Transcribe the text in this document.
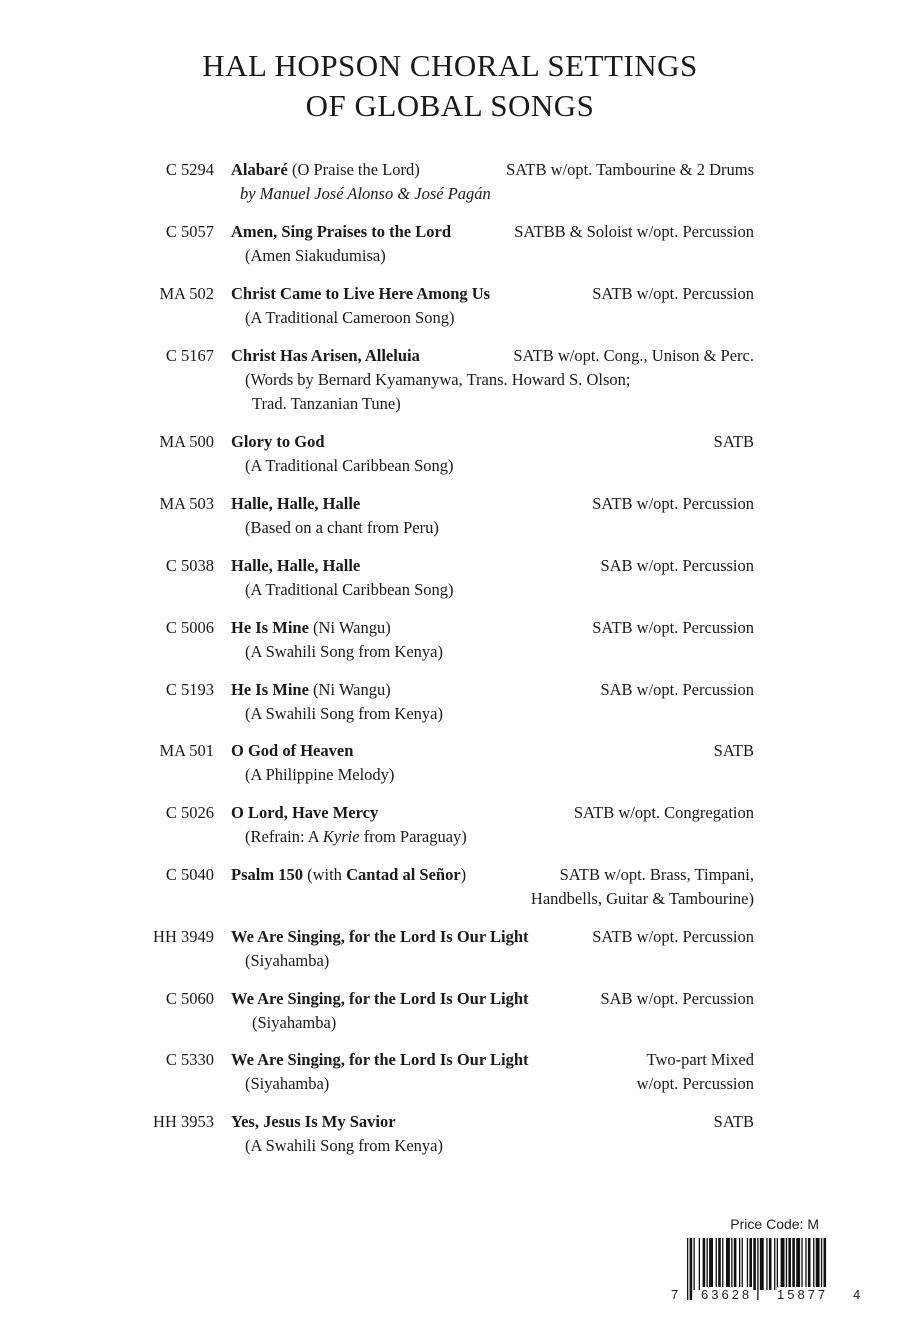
HAL HOPSON CHORAL SETTINGS
OF GLOBAL SONGS
C 5294 Alabaré (O Praise the Lord)	SATB w/opt. Tambourine & 2 Drums
by Manuel José Alonso & José Pagán
C 5057 Amen, Sing Praises to the Lord	SATBB & Soloist w/opt. Percussion
(Amen Siakudumisa)
MA 502 Christ Came to Live Here Among Us	SATB w/opt. Percussion
(A Traditional Cameroon Song)
C 5167 Christ Has Arisen, Alleluia	SATB w/opt. Cong., Unison & Perc.
(Words by Bernard Kyamanywa, Trans. Howard S. Olson;
Trad. Tanzanian Tune)
MA 500 Glory to God	SATB
(A Traditional Caribbean Song)
MA 503 Halle, Halle, Halle	SATB w/opt. Percussion
(Based on a chant from Peru)
C 5038 Halle, Halle, Halle	SAB w/opt. Percussion
(A Traditional Caribbean Song)
C 5006 He Is Mine (Ni Wangu)	SATB w/opt. Percussion
(A Swahili Song from Kenya)
C 5193 He Is Mine (Ni Wangu)	SAB w/opt. Percussion
(A Swahili Song from Kenya)
MA 501 O God of Heaven	SATB
(A Philippine Melody)
C 5026 O Lord, Have Mercy	SATB w/opt. Congregation
(Refrain: A Kyrie from Paraguay)
C 5040 Psalm 150 (with Cantad al Señor)	SATB w/opt. Brass, Timpani,
Handbells, Guitar & Tambourine)
HH 3949 We Are Singing, for the Lord Is Our Light	SATB w/opt. Percussion
(Siyahamba)
C 5060 We Are Singing, for the Lord Is Our Light	SAB w/opt. Percussion
(Siyahamba)
C 5330 We Are Singing, for the Lord Is Our Light	Two-part Mixed
w/opt. Percussion
(Siyahamba)
HH 3953 Yes, Jesus Is My Savior	SATB
(A Swahili Song from Kenya)
Price Code: M
7 63628 15877 4
